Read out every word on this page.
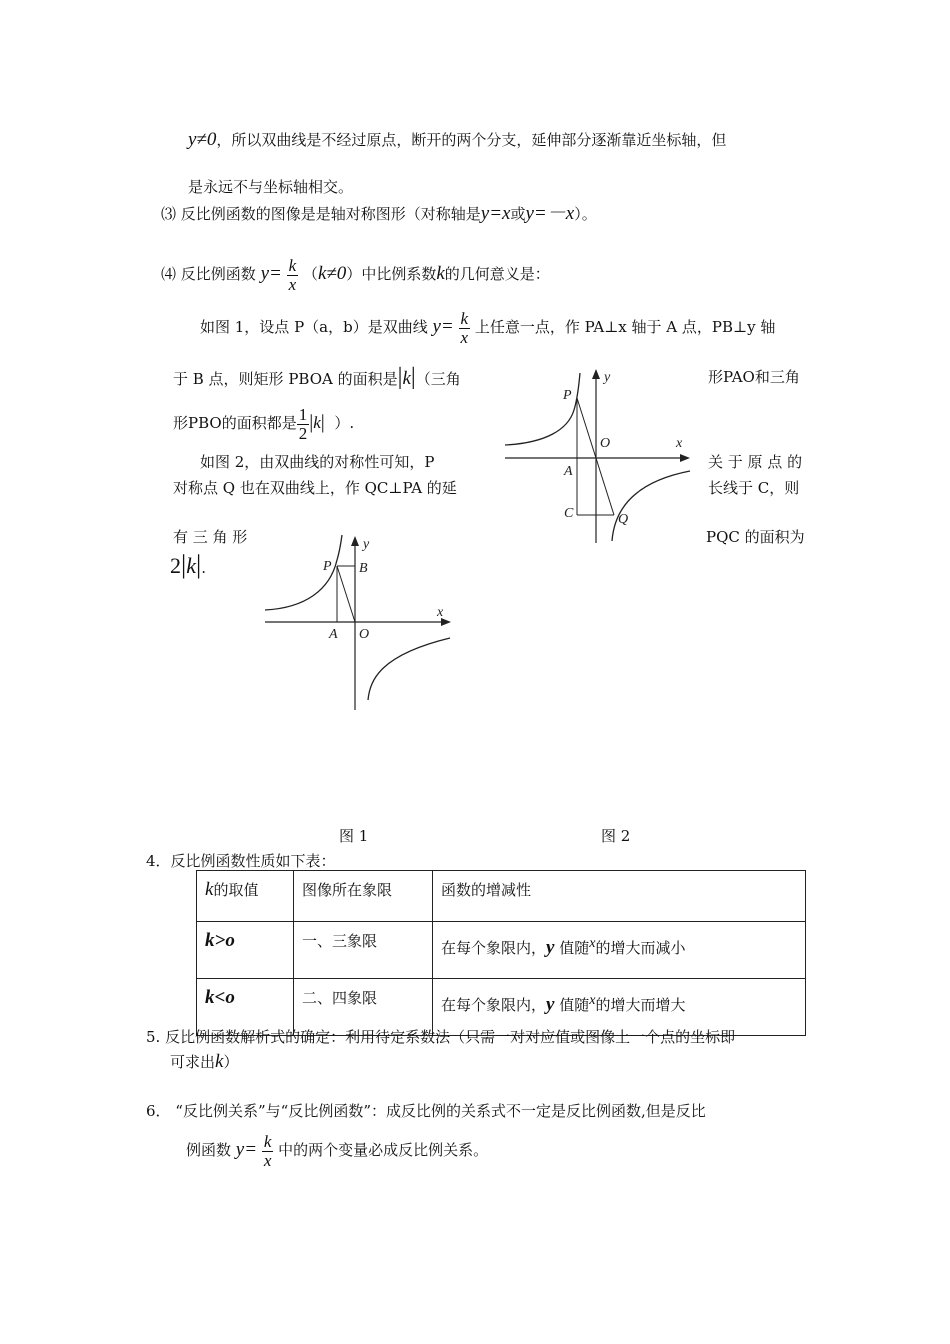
y≠0，所以双曲线是不经过原点，断开的两个分支，延伸部分逐渐靠近坐标轴，但
是永远不与坐标轴相交。
⑶ 反比例函数的图像是是轴对称图形（对称轴是y=x或y=－x）。
⑷ 反比例函数 $y= \frac{k}{x} (k\ne 0)$中比例系数k的几何意义是：
如图 1，设点 P（a，b）是双曲线 $y= \frac{k}{x}$ 上任意一点，作 PA⊥x 轴于 A 点，PB⊥y 轴
于 B 点，则矩形 PBOA 的面积是|k|（三角	形PAO和三角
形PBO的面积都是 $\frac{1}{2} |k|$ ）.
如图 2，由双曲线的对称性可知，P	关 于 原 点 的
对称点 Q 也在双曲线上，作 QC⊥PA 的延	长线于 C，则
有 三 角 形	PQC 的面积为
2|k|.	P B
y
x
A O
P
y
O	x
A
C	Q
图 1	图 2
4．反比例函数性质如下表：
k的取值	图像所在象限	函数的增减性
k>o	一、三象限	在每个象限内，y 值随$^x$的增大而减小
k<o	二、四象限	在每个象限内，y 值随$^x$的增大而增大
5. 反比例函数解析式的确定：利用待定系数法（只需一对对应值或图像上一个点的坐标即
可求出k）
6． “反比例关系”与“反比例函数”：成反比例的关系式不一定是反比例函数,但是反比
例函数 $y= \frac{k}{x}$ 中的两个变量必成反比例关系。
